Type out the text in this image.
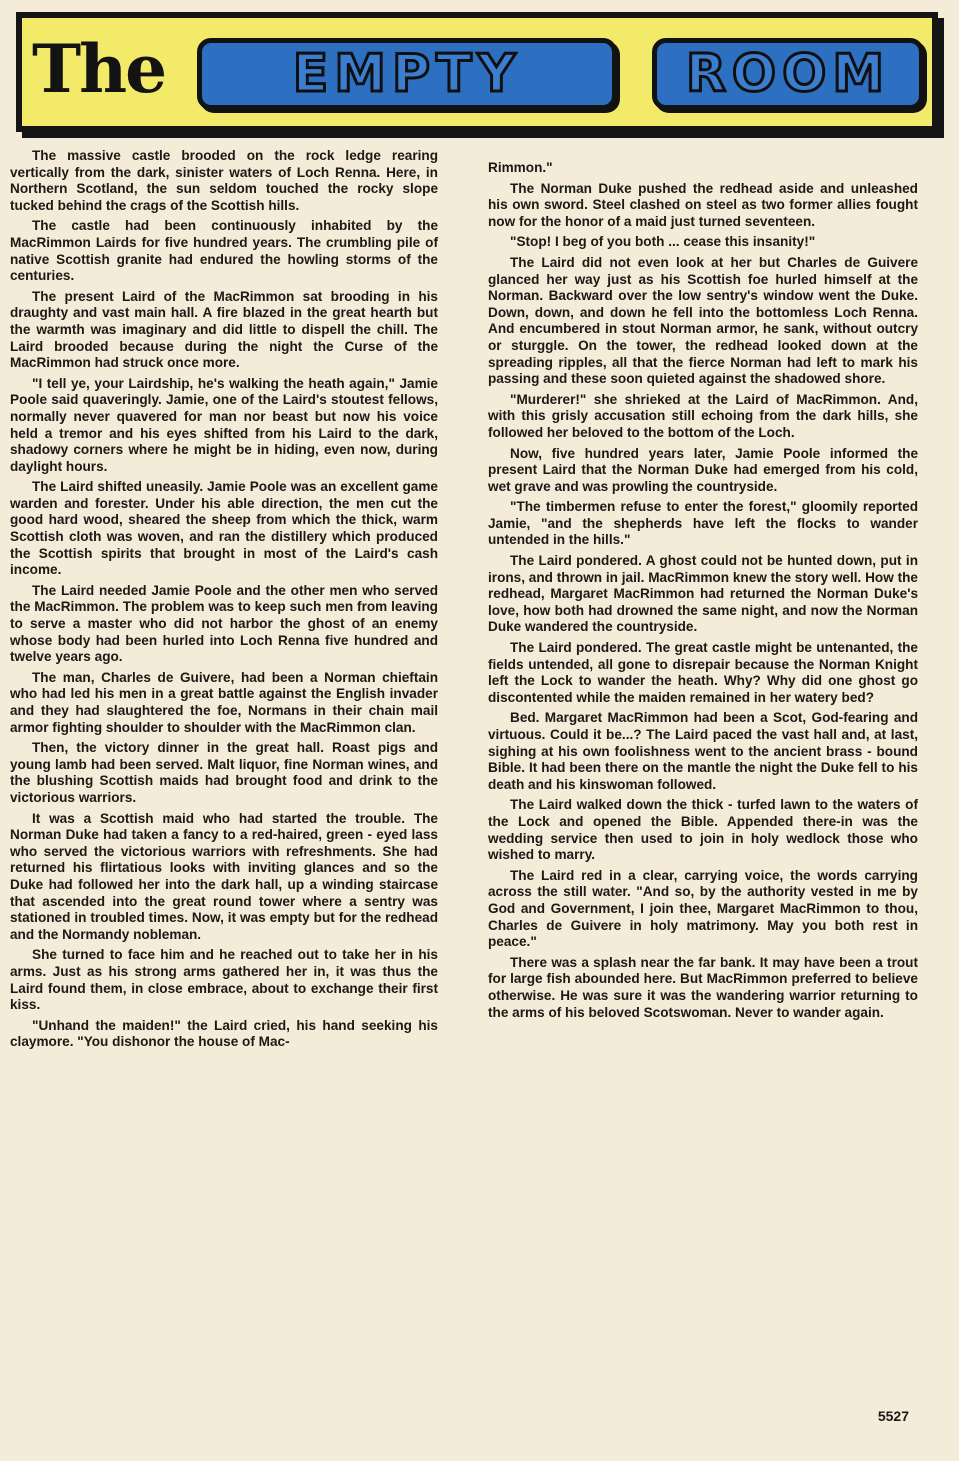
The EMPTY	ROOM

The massive castle brooded on the rock ledge rearing vertically from the dark, sinister waters of Loch Renna. Here, in Northern Scotland, the sun seldom touched the rocky slope tucked behind the crags of the Scottish hills.

The castle had been continuously inhabited by the MacRimmon Lairds for five hundred years. The crumbling pile of native Scottish granite had endured the howling storms of the centuries.

The present Laird of the MacRimmon sat brooding in his draughty and vast main hall. A fire blazed in the great hearth but the warmth was imaginary and did little to dispell the chill. The Laird brooded because during the night the Curse of the MacRimmon had struck once more.

"I tell ye, your Lairdship, he's walking the heath again," Jamie Poole said quaveringly. Jamie, one of the Laird's stoutest fellows, normally never quavered for man nor beast but now his voice held a tremor and his eyes shifted from his Laird to the dark, shadowy corners where he might be in hiding, even now, during daylight hours.

The Laird shifted uneasily. Jamie Poole was an excellent game warden and forester. Under his able direction, the men cut the good hard wood, sheared the sheep from which the thick, warm Scottish cloth was woven, and ran the distillery which produced the Scottish spirits that brought in most of the Laird's cash income.

The Laird needed Jamie Poole and the other men who served the MacRimmon. The problem was to keep such men from leaving to serve a master who did not harbor the ghost of an enemy whose body had been hurled into Loch Renna five hundred and twelve years ago.

The man, Charles de Guivere, had been a Norman chieftain who had led his men in a great battle against the English invader and they had slaughtered the foe, Normans in their chain mail armor fighting shoulder to shoulder with the MacRimmon clan.

Then, the victory dinner in the great hall. Roast pigs and young lamb had been served. Malt liquor, fine Norman wines, and the blushing Scottish maids had brought food and drink to the victorious warriors.

It was a Scottish maid who had started the trouble. The Norman Duke had taken a fancy to a red-haired, green - eyed lass who served the victorious warriors with refreshments. She had returned his flirtatious looks with inviting glances and so the Duke had followed her into the dark hall, up a winding staircase that ascended into the great round tower where a sentry was stationed in troubled times. Now, it was empty but for the redhead and the Normandy nobleman.

She turned to face him and he reached out to take her in his arms. Just as his strong arms gathered her in, it was thus the Laird found them, in close embrace, about to exchange their first kiss.

"Unhand the maiden!" the Laird cried, his hand seeking his claymore. "You dishonor the house of Mac-

Rimmon."

The Norman Duke pushed the redhead aside and unleashed his own sword. Steel clashed on steel as two former allies fought now for the honor of a maid just turned seventeen.

"Stop! I beg of you both ... cease this insanity!"

The Laird did not even look at her but Charles de Guivere glanced her way just as his Scottish foe hurled himself at the Norman. Backward over the low sentry's window went the Duke. Down, down, and down he fell into the bottomless Loch Renna. And encumbered in stout Norman armor, he sank, without outcry or sturggle. On the tower, the redhead looked down at the spreading ripples, all that the fierce Norman had left to mark his passing and these soon quieted against the shadowed shore.

"Murderer!" she shrieked at the Laird of MacRimmon. And, with this grisly accusation still echoing from the dark hills, she followed her beloved to the bottom of the Loch.

Now, five hundred years later, Jamie Poole informed the present Laird that the Norman Duke had emerged from his cold, wet grave and was prowling the countryside.

"The timbermen refuse to enter the forest," gloomily reported Jamie, "and the shepherds have left the flocks to wander untended in the hills."

The Laird pondered. A ghost could not be hunted down, put in irons, and thrown in jail. MacRimmon knew the story well. How the redhead, Margaret MacRimmon had returned the Norman Duke's love, how both had drowned the same night, and now the Norman Duke wandered the countryside.

The Laird pondered. The great castle might be untenanted, the fields untended, all gone to disrepair because the Norman Knight left the Lock to wander the heath. Why? Why did one ghost go discontented while the maiden remained in her watery bed?

Bed. Margaret MacRimmon had been a Scot, God-fearing and virtuous. Could it be...? The Laird paced the vast hall and, at last, sighing at his own foolishness went to the ancient brass - bound Bible. It had been there on the mantle the night the Duke fell to his death and his kinswoman followed.

The Laird walked down the thick - turfed lawn to the waters of the Lock and opened the Bible. Appended there-in was the wedding service then used to join in holy wedlock those who wished to marry.

The Laird red in a clear, carrying voice, the words carrying across the still water. "And so, by the authority vested in me by God and Government, I join thee, Margaret MacRimmon to thou, Charles de Guivere in holy matrimony. May you both rest in peace."

There was a splash near the far bank. It may have been a trout for large fish abounded here. But MacRimmon preferred to believe otherwise. He was sure it was the wandering warrior returning to the arms of his beloved Scotswoman. Never to wander again.

5527
